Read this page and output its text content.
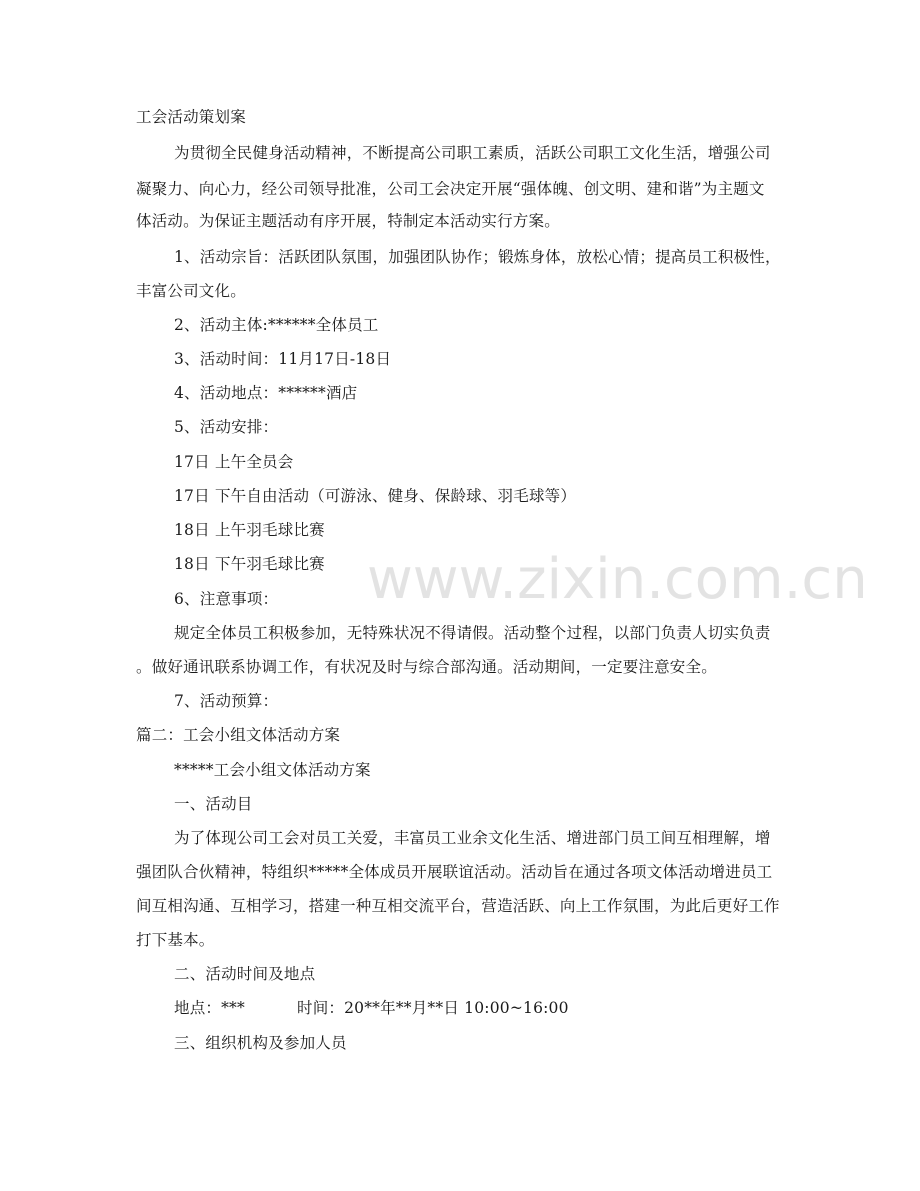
www.zixin.com.cn
工会活动策划案
为贯彻全民健身活动精神，不断提高公司职工素质，活跃公司职工文化生活，增强公司
凝聚力、向心力，经公司领导批准，公司工会决定开展“强体魄、创文明、建和谐”为主题文
体活动。为保证主题活动有序开展，特制定本活动实行方案。
1、活动宗旨：活跃团队氛围，加强团队协作；锻炼身体，放松心情；提高员工积极性，
丰富公司文化。
2、活动主体:******全体员工
3、活动时间：11月17日-18日
4、活动地点：******酒店
5、活动安排：
17日 上午全员会
17日 下午自由活动（可游泳、健身、保龄球、羽毛球等）
18日 上午羽毛球比赛
18日 下午羽毛球比赛
6、注意事项：
规定全体员工积极参加，无特殊状况不得请假。活动整个过程，以部门负责人切实负责
。做好通讯联系协调工作，有状况及时与综合部沟通。活动期间，一定要注意安全。
7、活动预算：
篇二：工会小组文体活动方案
*****工会小组文体活动方案
一、活动目
为了体现公司工会对员工关爱，丰富员工业余文化生活、增进部门员工间互相理解，增
强团队合伙精神，特组织*****全体成员开展联谊活动。活动旨在通过各项文体活动增进员工
间互相沟通、互相学习，搭建一种互相交流平台，营造活跃、向上工作氛围，为此后更好工作
打下基本。
二、活动时间及地点
地点：***	时间：20**年**月**日 10:00~16:00
三、组织机构及参加人员
